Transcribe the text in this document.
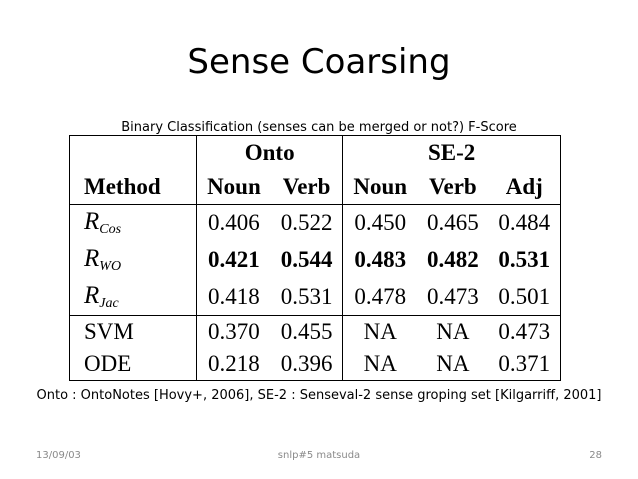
Sense Coarsing
Binary Classification (senses can be merged or not?) F-Score
	Onto		SE-2		
Method	Noun	Verb	Noun	Verb	Adj
$R_{Cos}$	0.406	0.522	0.450	0.465	0.484
$R_{WO}$	0.421	0.544	0.483	0.482	0.531
$R_{Jac}$	0.418	0.531	0.478	0.473	0.501
SVM	0.370	0.455	NA	NA	0.473
ODE	0.218	0.396	NA	NA	0.371
Onto : OntoNotes [Hovy+, 2006], SE-2 : Senseval-2 sense groping set [Kilgarriff, 2001]
13/09/03	snlp#5 matsuda	28
